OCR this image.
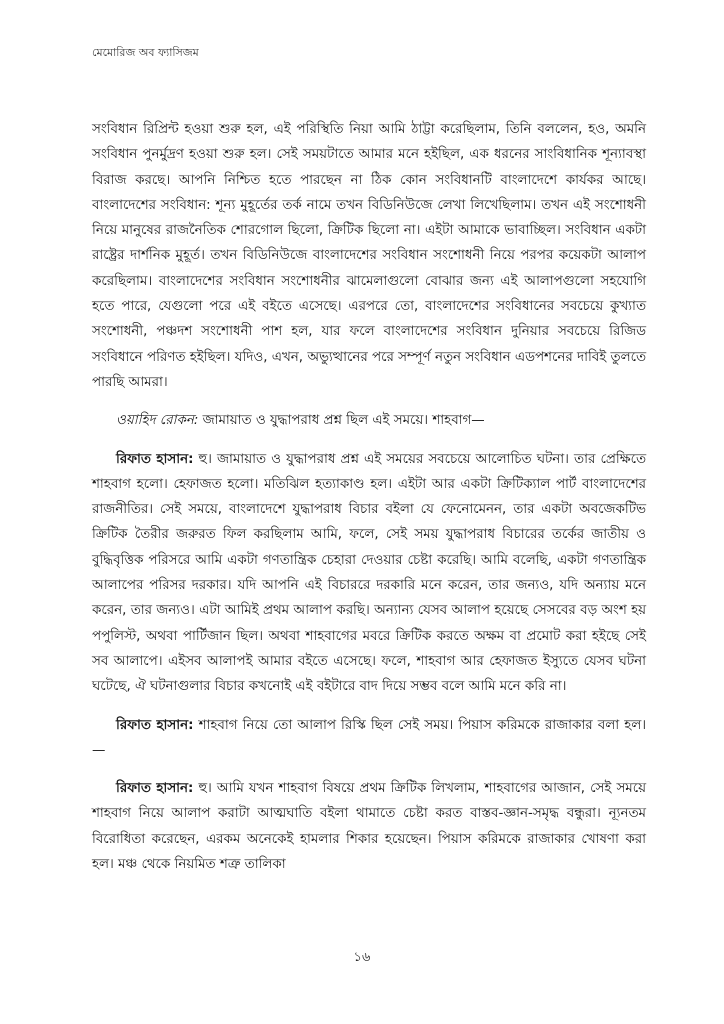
মেমোরিজ অব ফ্যাসিজম

সংবিধান রিপ্রিন্ট হওয়া শুরু হল, এই পরিস্থিতি নিয়া আমি ঠাট্টা করেছিলাম, তিনি বললেন, হও, অমনি সংবিধান পুনর্মুদ্রণ হওয়া শুরু হল। সেই সময়টাতে আমার মনে হইছিল, এক ধরনের সাংবিধানিক শূন্যাবস্থা বিরাজ করছে। আপনি নিশ্চিত হতে পারছেন না ঠিক কোন সংবিধানটি বাংলাদেশে কার্যকর আছে। বাংলাদেশের সংবিধান: শূন্য মুহূর্তের তর্ক নামে তখন বিডিনিউজে লেখা লিখেছিলাম। তখন এই সংশোধনী নিয়ে মানুষের রাজনৈতিক শোরগোল ছিলো, ক্রিটিক ছিলো না। এইটা আমাকে ভাবাচ্ছিল। সংবিধান একটা রাষ্ট্রের দার্শনিক মুহূর্ত। তখন বিডিনিউজে বাংলাদেশের সংবিধান সংশোধনী নিয়ে পরপর কয়েকটা আলাপ করেছিলাম। বাংলাদেশের সংবিধান সংশোধনীর ঝামেলাগুলো বোঝার জন্য এই আলাপগুলো সহযোগি হতে পারে, যেগুলো পরে এই বইতে এসেছে। এরপরে তো, বাংলাদেশের সংবিধানের সবচেয়ে কুখ্যাত সংশোধনী, পঞ্চদশ সংশোধনী পাশ হল, যার ফলে বাংলাদেশের সংবিধান দুনিয়ার সবচেয়ে রিজিড সংবিধানে পরিণত হইছিল। যদিও, এখন, অভ্যুত্থানের পরে সম্পূর্ণ নতুন সংবিধান এডপশনের দাবিই তুলতে পারছি আমরা।

ওয়াহিদ রোকন: জামায়াত ও যুদ্ধাপরাধ প্রশ্ন ছিল এই সময়ে। শাহবাগ—

রিফাত হাসান: হু। জামায়াত ও যুদ্ধাপরাধ প্রশ্ন এই সময়ের সবচেয়ে আলোচিত ঘটনা। তার প্রেক্ষিতে শাহবাগ হলো। হেফাজত হলো। মতিঝিল হত্যাকাণ্ড হল। এইটা আর একটা ক্রিটিক্যাল পার্ট বাংলাদেশের রাজনীতির। সেই সময়ে, বাংলাদেশে যুদ্ধাপরাধ বিচার বইলা যে ফেনোমেনন, তার একটা অবজেকটিভ ক্রিটিক তৈরীর জরুরত ফিল করছিলাম আমি, ফলে, সেই সময় যুদ্ধাপরাধ বিচারের তর্কের জাতীয় ও বুদ্ধিবৃত্তিক পরিসরে আমি একটা গণতান্ত্রিক চেহারা দেওয়ার চেষ্টা করেছি। আমি বলেছি, একটা গণতান্ত্রিক আলাপের পরিসর দরকার। যদি আপনি এই বিচাররে দরকারি মনে করেন, তার জন্যও, যদি অন্যায় মনে করেন, তার জন্যও। এটা আমিই প্রথম আলাপ করছি। অন্যান্য যেসব আলাপ হয়েছে সেসবের বড় অংশ হয় পপুলিস্ট, অথবা পার্টিজান ছিল। অথবা শাহবাগের মবরে ক্রিটিক করতে অক্ষম বা প্রমোট করা হইছে সেই সব আলাপে। এইসব আলাপই আমার বইতে এসেছে। ফলে, শাহবাগ আর হেফাজত ইস্যুতে যেসব ঘটনা ঘটেছে, ঐ ঘটনাগুলার বিচার কখনোই এই বইটারে বাদ দিয়ে সম্ভব বলে আমি মনে করি না।

রিফাত হাসান: শাহবাগ নিয়ে তো আলাপ রিস্কি ছিল সেই সময়। পিয়াস করিমকে রাজাকার বলা হল।—

রিফাত হাসান: হু। আমি যখন শাহবাগ বিষয়ে প্রথম ক্রিটিক লিখলাম, শাহবাগের আজান, সেই সময়ে শাহবাগ নিয়ে আলাপ করাটা আত্মঘাতি বইলা থামাতে চেষ্টা করত বাস্তব-জ্ঞান-সমৃদ্ধ বন্ধুরা। ন্যূনতম বিরোধিতা করেছেন, এরকম অনেকেই হামলার শিকার হয়েছেন। পিয়াস করিমকে রাজাকার খোষণা করা হল। মঞ্চ থেকে নিয়মিত শত্রু তালিকা

১৬
